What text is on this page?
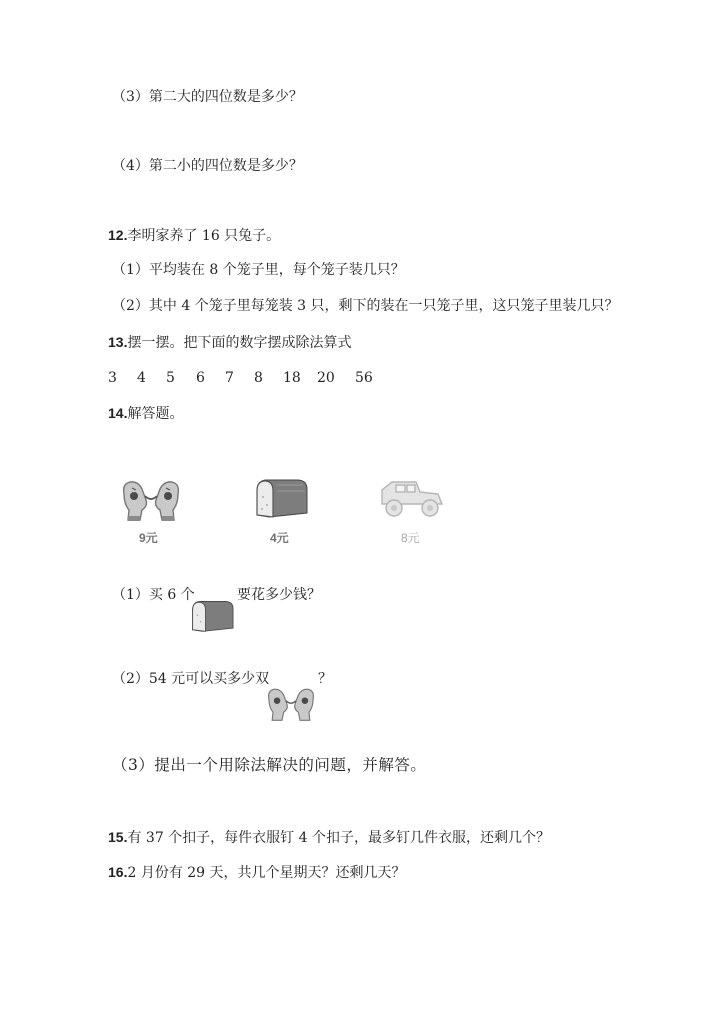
（3）第二大的四位数是多少？
（4）第二小的四位数是多少？
12.李明家养了 16 只兔子。
（1）平均装在 8 个笼子里，每个笼子装几只？
（2）其中 4 个笼子里每笼装 3 只，剩下的装在一只笼子里，这只笼子里装几只？
13.摆一摆。把下面的数字摆成除法算式
3 4 5 6 7 8 18 20 56
14.解答题。
9元	4元	8元
（1）买 6 个	要花多少钱？
（2）54 元可以买多少双	？
（3）提出一个用除法解决的问题，并解答。
15.有 37 个扣子，每件衣服钉 4 个扣子，最多钉几件衣服，还剩几个？
16.2 月份有 29 天，共几个星期天？还剩几天？
